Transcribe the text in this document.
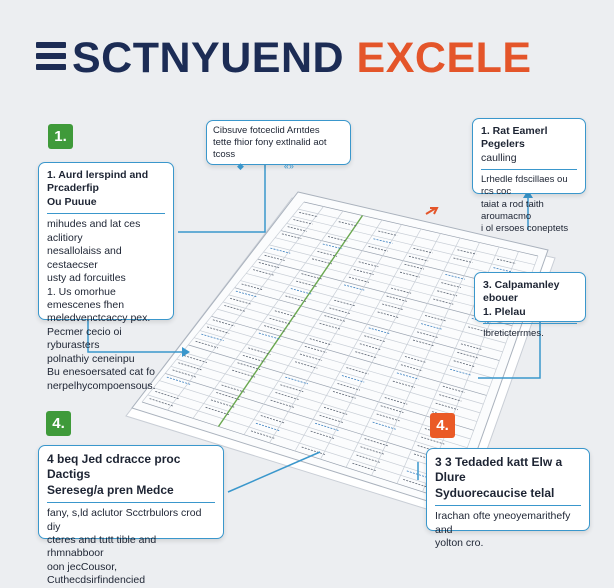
SCTNYUEND EXCELE
1.
4.	4.

Cibsuve fotceclid Arntdes

tette fhior fony extlnalid aot tcoss

◆	«»

1. Aurd lerspind and Prcaderfip

Ou Puuue

mihudes and lat ces aclitiory

nesallolaiss and cestaecser

usty ad forcuitles

1. Us omorhue emescenes fhen

meledvenctcaccy pex.

Pecmer cecio oi ryburasters

polnathiy ceneinpu

Bu enesoersated cat fo

nerpelhycompoensous.

1. Rat Eamerl Pegelers

caulling

Lrhedle fdscillaes ou rcs coc

taiat a rod taith aroumacmo

i ol ersoes coneptets

3. Calpamanley ebouer

1. Plelau

Ibreticterrmes.

4 beq Jed cdracce proc Dactigs

Sereseg/a pren Medce

fany, s,ld aclutor Scctrbulors crod diy

cteres and tutt tible and rhmnabboor

oon jecCousor, Cuthecdsirfindencied

3 3 Tedaded katt Elw a Dlure

Syduorecaucise telal

Irachan ofte yneoyemarithefy and

yolton cro.
